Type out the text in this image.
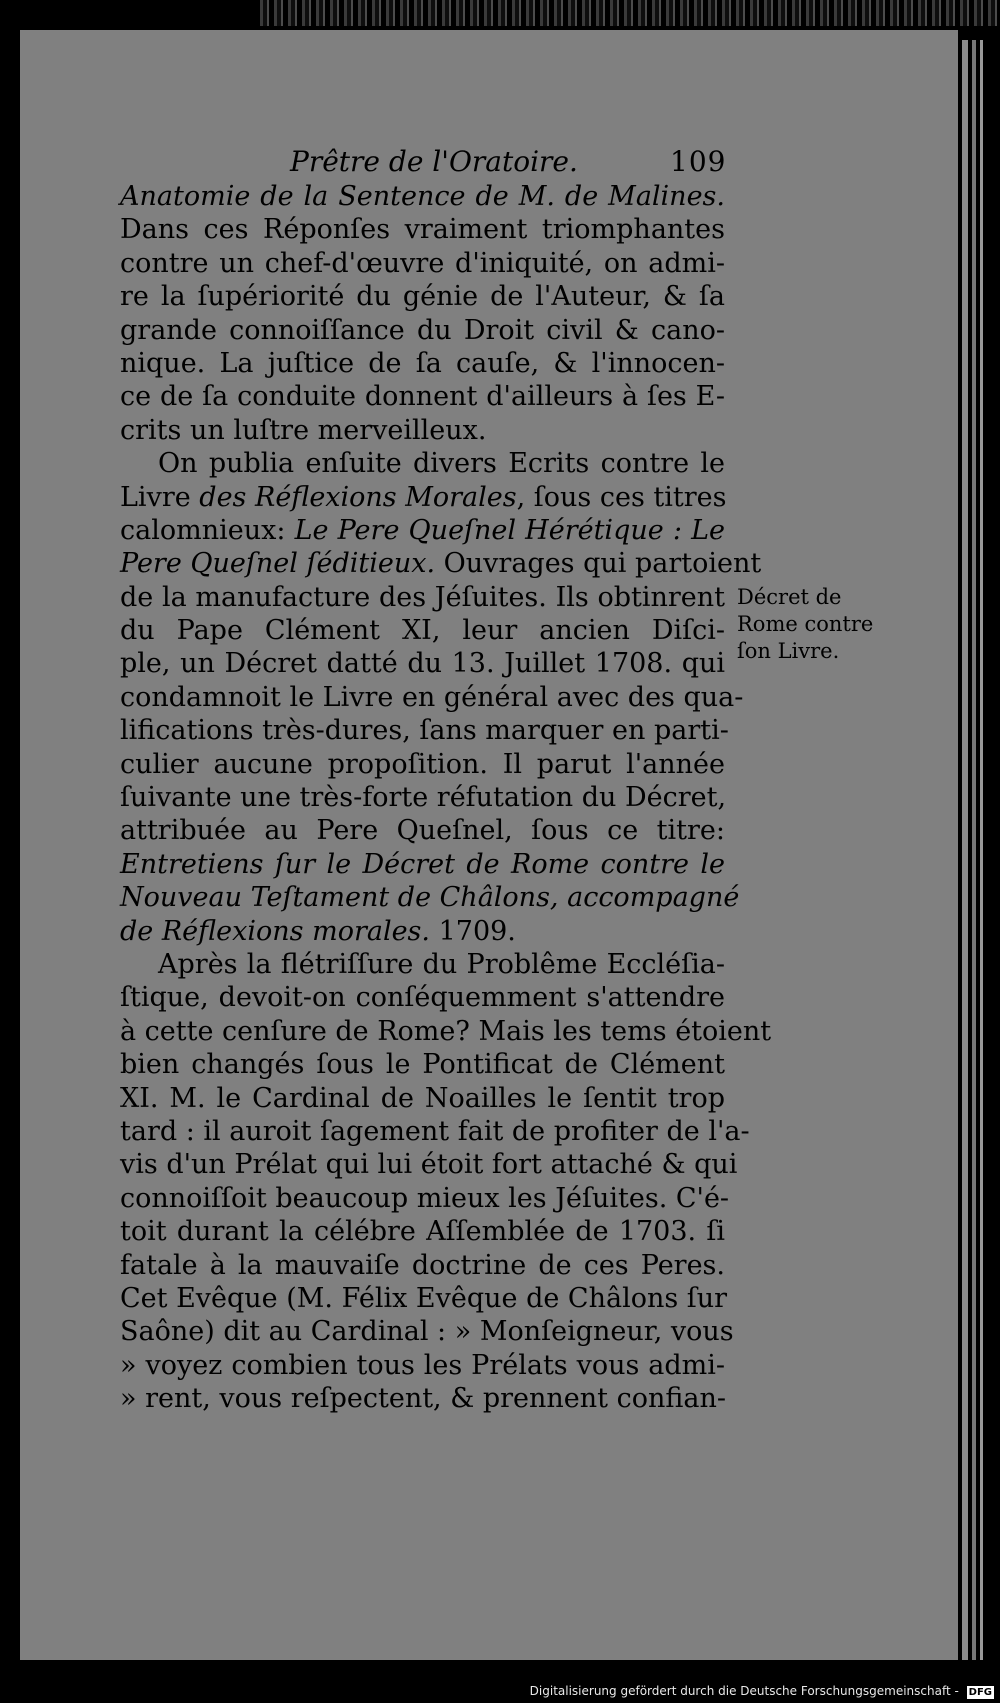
Prêtre de l'Oratoire.	109
Anatomie de la Sentence de M. de Malines.
Dans ces Réponſes vraiment triomphantes
contre un chef-d'œuvre d'iniquité, on admi-
re la ſupériorité du génie de l'Auteur, & ſa
grande connoiſſance du Droit civil & cano-
nique. La juſtice de ſa cauſe, & l'innocen-
ce de ſa conduite donnent d'ailleurs à ſes E-
crits un luſtre merveilleux.
On publia enſuite divers Ecrits contre le
Livre des Réflexions Morales, ſous ces titres
calomnieux: Le Pere Queſnel Hérétique : Le
Pere Queſnel ſéditieux. Ouvrages qui partoient
de la manufacture des Jéſuites. Ils obtinrent
du Pape Clément XI, leur ancien Diſci-
ple, un Décret datté du 13. Juillet 1708. qui
condamnoit le Livre en général avec des qua-
lifications très-dures, ſans marquer en parti-
culier aucune propoſition. Il parut l'année
ſuivante une très-forte réfutation du Décret,
attribuée au Pere Queſnel, ſous ce titre:
Entretiens ſur le Décret de Rome contre le
Nouveau Teſtament de Châlons, accompagné
de Réflexions morales. 1709.
Après la flétriſſure du Problême Eccléſia-
ſtique, devoit-on conſéquemment s'attendre
à cette cenſure de Rome? Mais les tems étoient
bien changés ſous le Pontificat de Clément
XI. M. le Cardinal de Noailles le ſentit trop
tard : il auroit ſagement fait de profiter de l'a-
vis d'un Prélat qui lui étoit fort attaché & qui
connoiſſoit beaucoup mieux les Jéſuites. C'é-
toit durant la célébre Aſſemblée de 1703. ſi
fatale à la mauvaiſe doctrine de ces Peres.
Cet Evêque (M. Félix Evêque de Châlons ſur
Saône) dit au Cardinal : » Monſeigneur, vous
» voyez combien tous les Prélats vous admi-
» rent, vous reſpectent, & prennent confian-
Décret de
Rome contre
ſon Livre.
Digitalisierung gefördert durch die Deutsche Forschungsgemeinschaft - DFG
